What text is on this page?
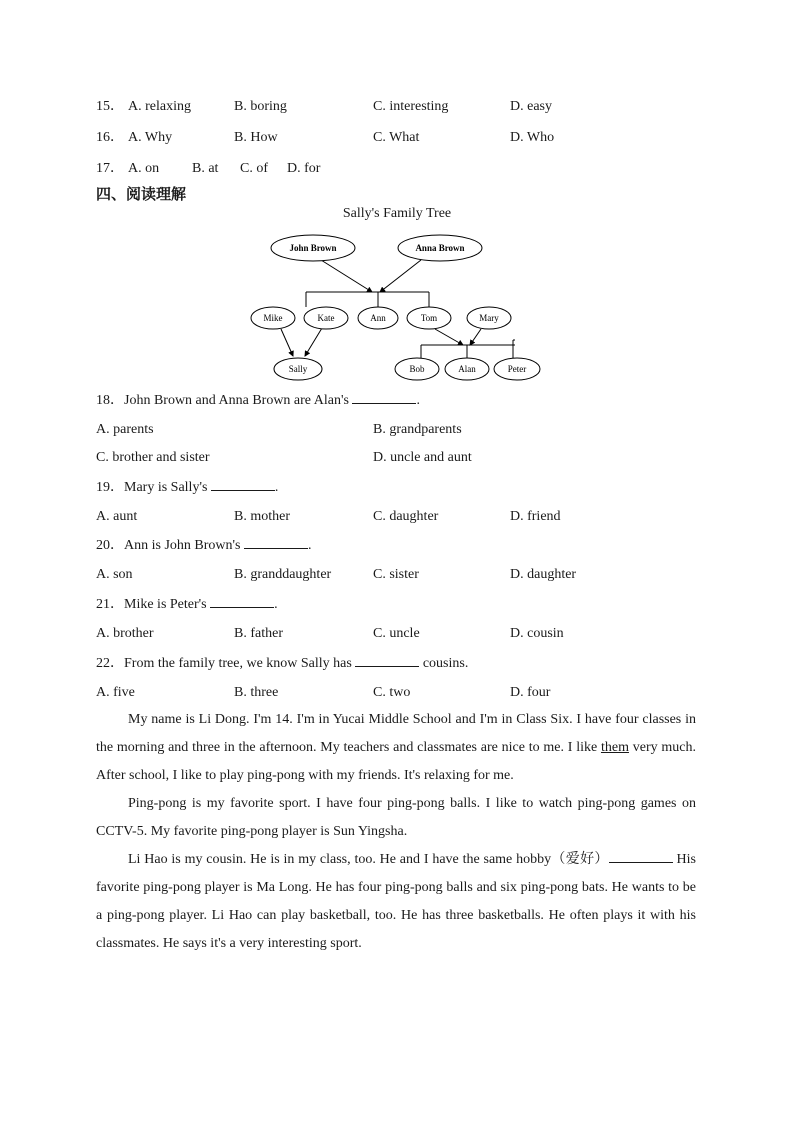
15． A. relaxing	B. boring	C. interesting	D. easy
16． A. Why	B. How	C. What	D. Who
17． A. on B. at C. of D. for
四、阅读理解
Sally's Family Tree
John Brown	Anna Brown
Mike	Kate	Ann	Tom	Mary
Sally	Bob	Alan	Peter
18．John Brown and Anna Brown are Alan's	.
A. parents	B. grandparents
C. brother and sister	D. uncle and aunt
19．Mary is Sally's	.
A. aunt	B. mother	C. daughter	D. friend
20．Ann is John Brown's	.
A. son	B. granddaughter	C. sister	D. daughter
21．Mike is Peter's	.
A. brother	B. father	C. uncle	D. cousin
22．From the family tree, we know Sally has	cousins.
A. five	B. three	C. two	D. four

My name is Li Dong. I'm 14. I'm in Yucai Middle School and I'm in Class Six. I have four classes in the morning and three in the afternoon. My teachers and classmates are nice to me. I like them very much. After school, I like to play ping-pong with my friends. It's relaxing for me.

Ping-pong is my favorite sport. I have four ping-pong balls. I like to watch ping-pong games on CCTV-5. My favorite ping-pong player is Sun Yingsha.

Li Hao is my cousin. He is in my class, too. He and I have the same hobby（爱好）	His favorite ping-pong player is Ma Long. He has four ping-pong balls and six ping-pong bats. He wants to be a ping-pong player. Li Hao can play basketball, too. He has three basketballs. He often plays it with his classmates. He says it's a very interesting sport.
